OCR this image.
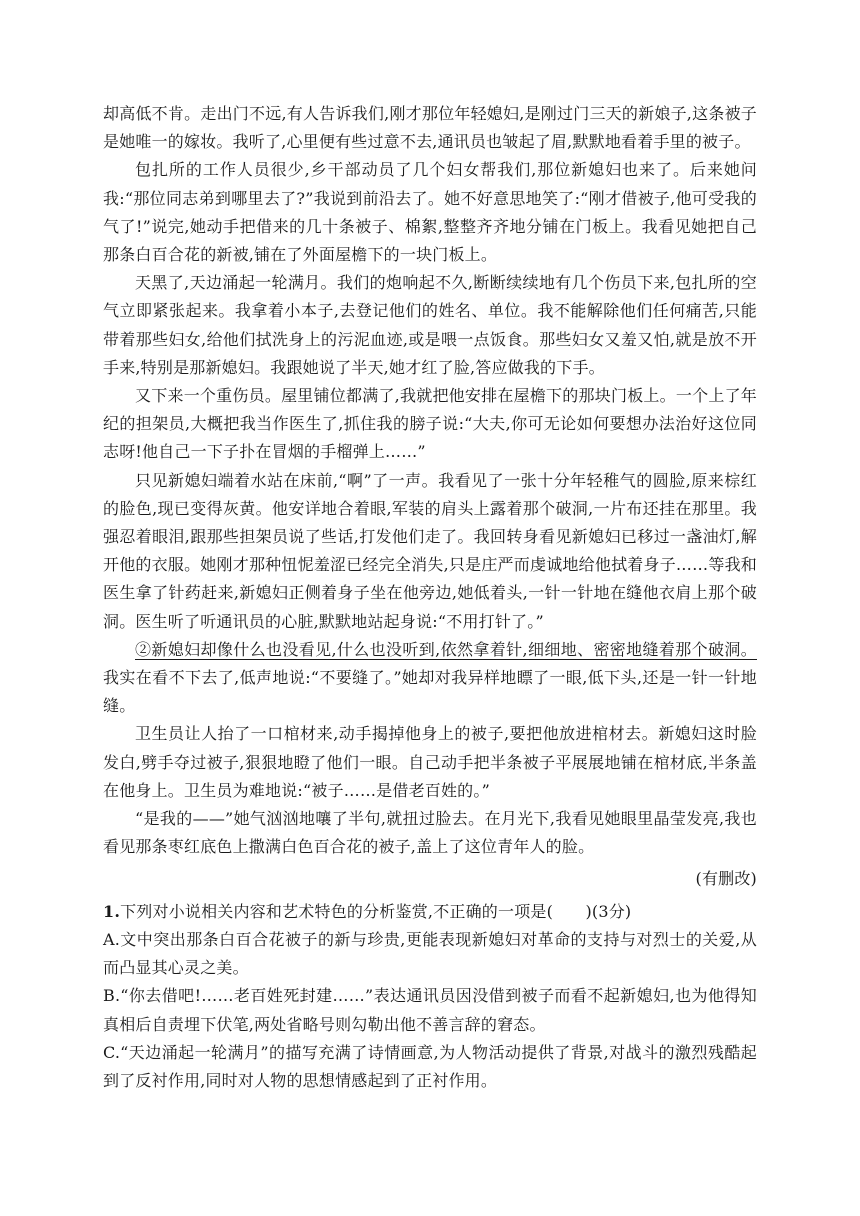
却高低不肯。走出门不远,有人告诉我们,刚才那位年轻媳妇,是刚过门三天的新娘子,这条被子是她唯一的嫁妆。我听了,心里便有些过意不去,通讯员也皱起了眉,默默地看着手里的被子。

包扎所的工作人员很少,乡干部动员了几个妇女帮我们,那位新媳妇也来了。后来她问我:“那位同志弟到哪里去了?”我说到前沿去了。她不好意思地笑了:“刚才借被子,他可受我的气了!”说完,她动手把借来的几十条被子、棉絮,整整齐齐地分铺在门板上。我看见她把自己那条白百合花的新被,铺在了外面屋檐下的一块门板上。

天黑了,天边涌起一轮满月。我们的炮响起不久,断断续续地有几个伤员下来,包扎所的空气立即紧张起来。我拿着小本子,去登记他们的姓名、单位。我不能解除他们任何痛苦,只能带着那些妇女,给他们拭洗身上的污泥血迹,或是喂一点饭食。那些妇女又羞又怕,就是放不开手来,特别是那新媳妇。我跟她说了半天,她才红了脸,答应做我的下手。

又下来一个重伤员。屋里铺位都满了,我就把他安排在屋檐下的那块门板上。一个上了年纪的担架员,大概把我当作医生了,抓住我的膀子说:“大夫,你可无论如何要想办法治好这位同志呀!他自己一下子扑在冒烟的手榴弹上……”

只见新媳妇端着水站在床前,“啊”了一声。我看见了一张十分年轻稚气的圆脸,原来棕红的脸色,现已变得灰黄。他安详地合着眼,军装的肩头上露着那个破洞,一片布还挂在那里。我强忍着眼泪,跟那些担架员说了些话,打发他们走了。我回转身看见新媳妇已移过一盏油灯,解开他的衣服。她刚才那种忸怩羞涩已经完全消失,只是庄严而虔诚地给他拭着身子……等我和医生拿了针药赶来,新媳妇正侧着身子坐在他旁边,她低着头,一针一针地在缝他衣肩上那个破洞。医生听了听通讯员的心脏,默默地站起身说:“不用打针了。”

②新媳妇却像什么也没看见,什么也没听到,依然拿着针,细细地、密密地缝着那个破洞。我实在看不下去了,低声地说:“不要缝了。”她却对我异样地瞟了一眼,低下头,还是一针一针地缝。

卫生员让人抬了一口棺材来,动手揭掉他身上的被子,要把他放进棺材去。新媳妇这时脸发白,劈手夺过被子,狠狠地瞪了他们一眼。自己动手把半条被子平展展地铺在棺材底,半条盖在他身上。卫生员为难地说:“被子……是借老百姓的。”

“是我的——”她气汹汹地嚷了半句,就扭过脸去。在月光下,我看见她眼里晶莹发亮,我也看见那条枣红底色上撒满白色百合花的被子,盖上了这位青年人的脸。

(有删改)

1.下列对小说相关内容和艺术特色的分析鉴赏,不正确的一项是(　　)(3分)

A.文中突出那条白百合花被子的新与珍贵,更能表现新媳妇对革命的支持与对烈士的关爱,从而凸显其心灵之美。

B.“你去借吧!……老百姓死封建……”表达通讯员因没借到被子而看不起新媳妇,也为他得知真相后自责埋下伏笔,两处省略号则勾勒出他不善言辞的窘态。

C.“天边涌起一轮满月”的描写充满了诗情画意,为人物活动提供了背景,对战斗的激烈残酷起到了反衬作用,同时对人物的思想情感起到了正衬作用。
